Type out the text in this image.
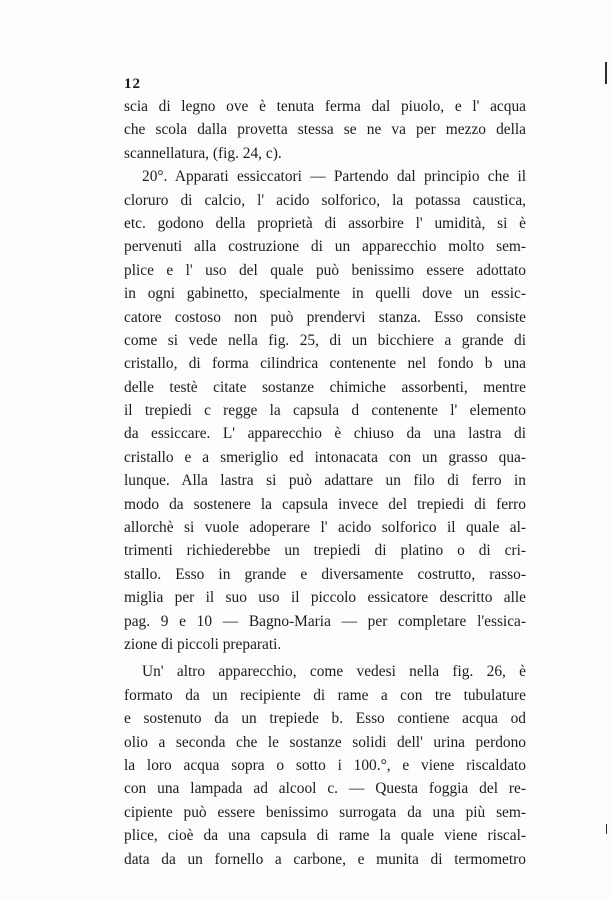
12
scia di legno ove è tenuta ferma dal piuolo, e l' acqua
che scola dalla provetta stessa se ne va per mezzo della
scannellatura, (fig. 24, c).
20°. Apparati essiccatori — Partendo dal principio che il
cloruro di calcio, l' acido solforico, la potassa caustica,
etc. godono della proprietà di assorbire l' umidità, si è
pervenuti alla costruzione di un apparecchio molto sem-
plice e l' uso del quale può benissimo essere adottato
in ogni gabinetto, specialmente in quelli dove un essic-
catore costoso non può prendervi stanza. Esso consiste
come si vede nella fig. 25, di un bicchiere a grande di
cristallo, di forma cilindrica contenente nel fondo b una
delle testè citate sostanze chimiche assorbenti, mentre
il trepiedi c regge la capsula d contenente l' elemento
da essiccare. L' apparecchio è chiuso da una lastra di
cristallo e a smeriglio ed intonacata con un grasso qua-
lunque. Alla lastra si può adattare un filo di ferro in
modo da sostenere la capsula invece del trepiedi di ferro
allorchè si vuole adoperare l' acido solforico il quale al-
trimenti richiederebbe un trepiedi di platino o di cri-
stallo. Esso in grande e diversamente costrutto, rasso-
miglia per il suo uso il piccolo essicatore descritto alle
pag. 9 e 10 — Bagno-Maria — per completare l'essica-
zione di piccoli preparati.
Un' altro apparecchio, come vedesi nella fig. 26, è
formato da un recipiente di rame a con tre tubulature
e sostenuto da un trepiede b. Esso contiene acqua od
olio a seconda che le sostanze solidi dell' urina perdono
la loro acqua sopra o sotto i 100.°, e viene riscaldato
con una lampada ad alcool c. — Questa foggia del re-
cipiente può essere benissimo surrogata da una più sem-
plice, cioè da una capsula di rame la quale viene riscal-
data da un fornello a carbone, e munita di termometro
